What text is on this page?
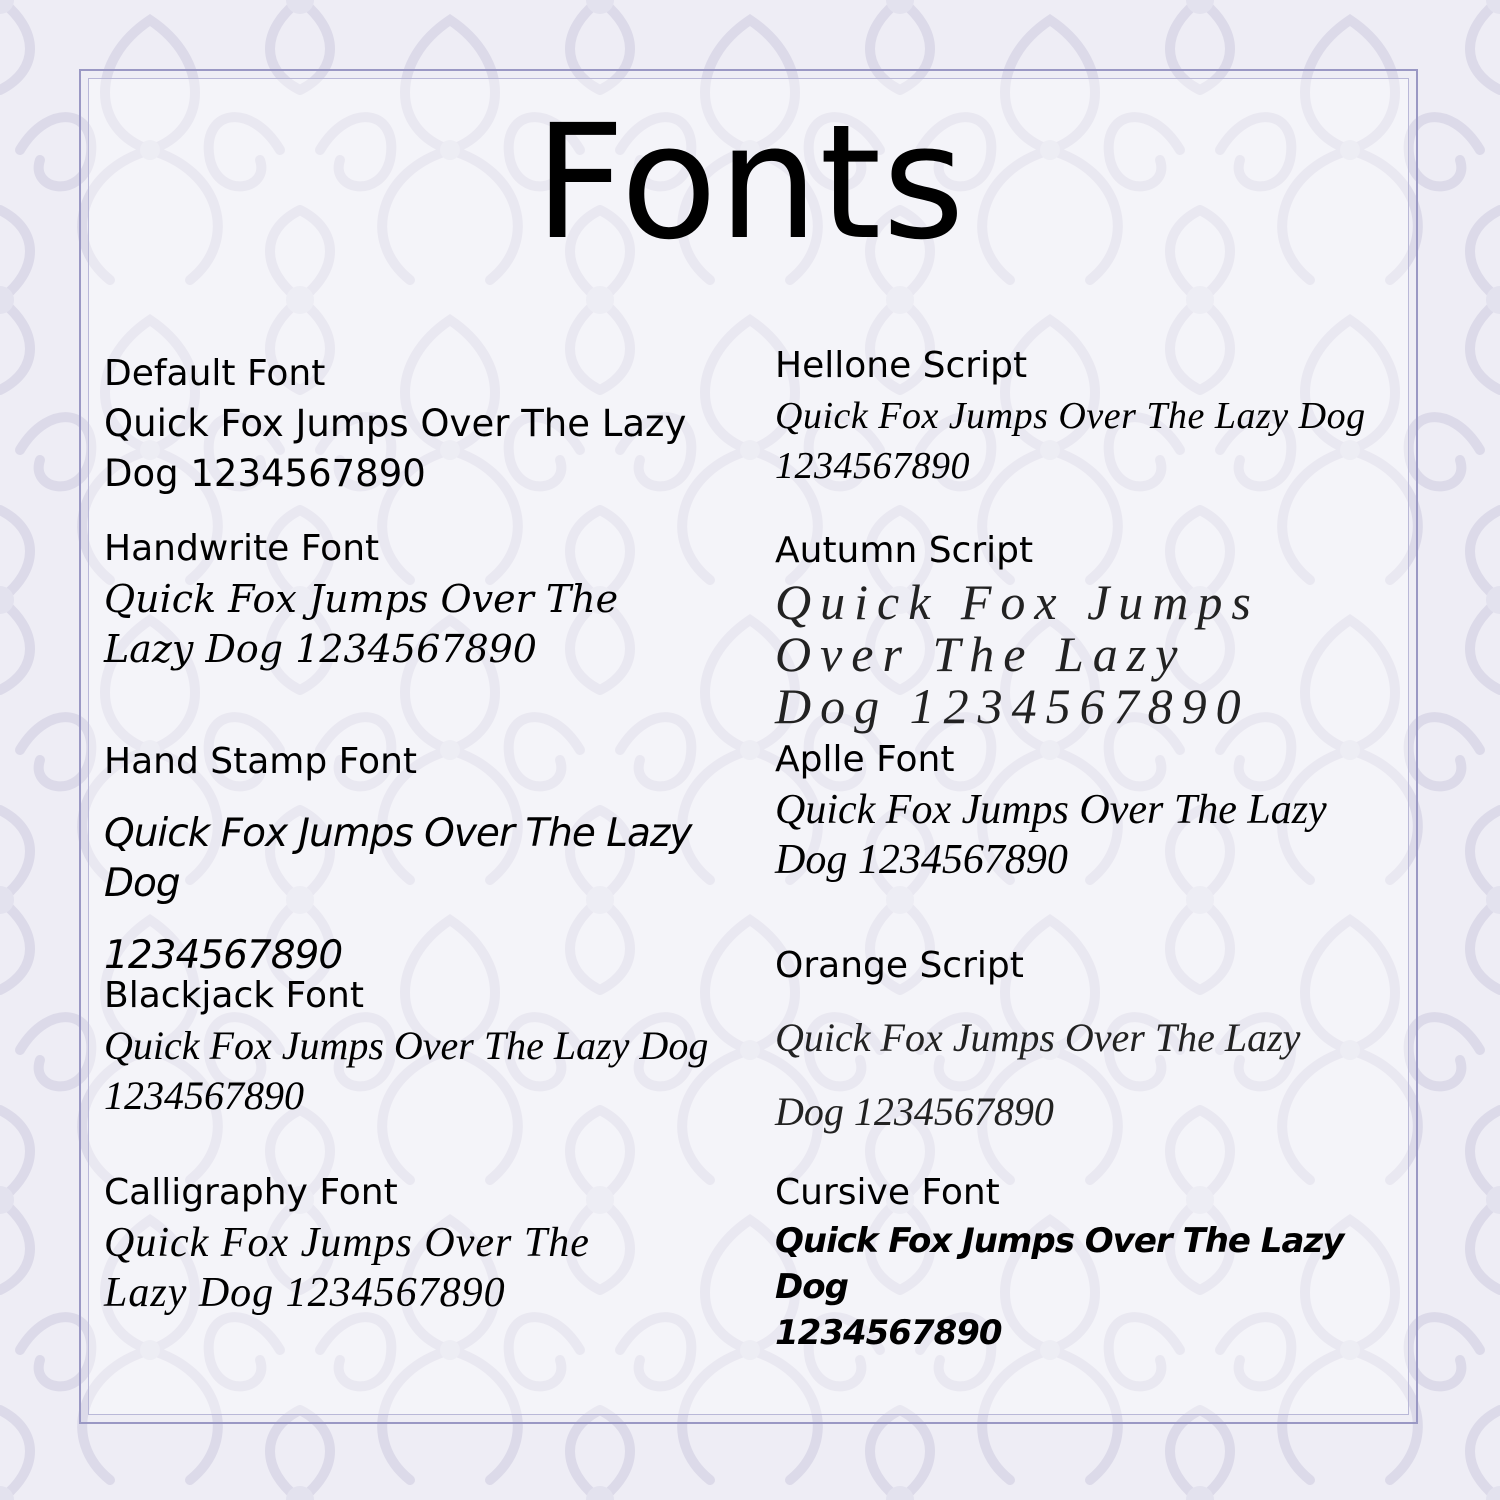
Fonts
Default Font
Quick Fox Jumps Over The Lazy
Dog 1234567890
Handwrite Font
Quick Fox Jumps Over The
Lazy Dog 1234567890
Hand Stamp Font
Quick Fox Jumps Over The Lazy Dog
1234567890
Blackjack Font
Quick Fox Jumps Over The Lazy Dog
1234567890
Calligraphy Font
Quick Fox Jumps Over The
Lazy Dog 1234567890
Hellone Script
Quick Fox Jumps Over The Lazy Dog
1234567890
Autumn Script
Quick Fox Jumps
Over The Lazy
Dog 1234567890
Aplle Font
Quick Fox Jumps Over The Lazy
Dog 1234567890
Orange Script
Quick Fox Jumps Over The Lazy
Dog 1234567890
Cursive Font
Quick Fox Jumps Over The Lazy Dog
1234567890
